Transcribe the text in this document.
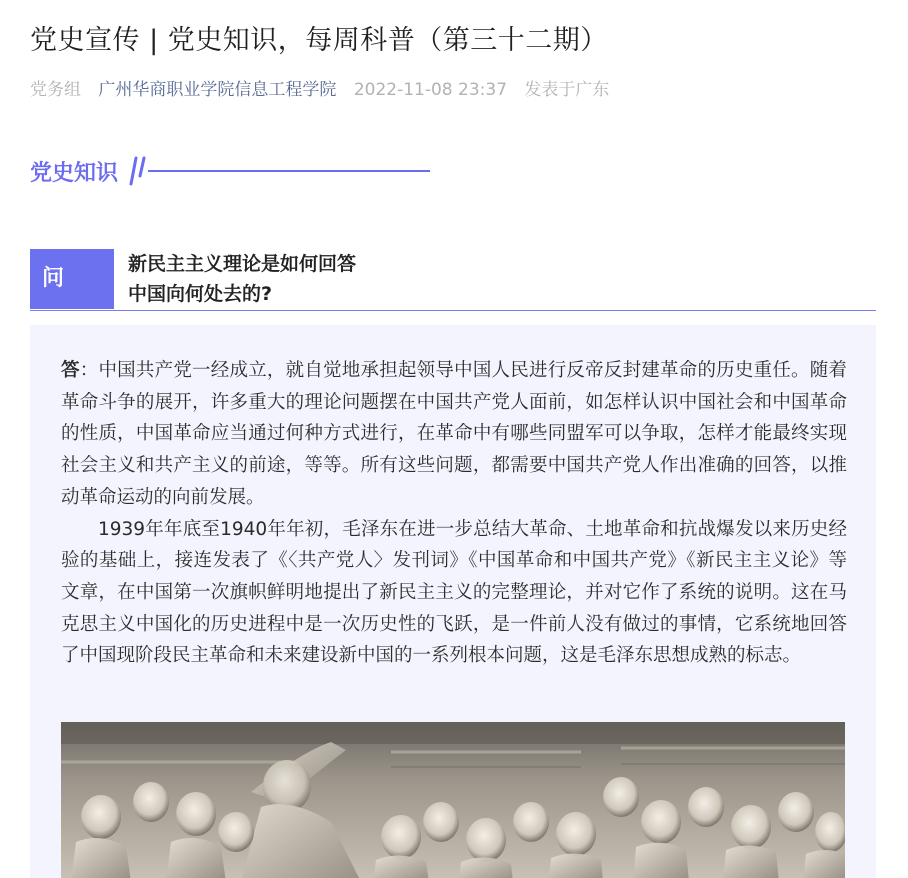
党史宣传 | 党史知识，每周科普（第三十二期）
党务组 广州华商职业学院信息工程学院 2022-11-08 23:37 发表于广东
党史知识
问
新民主主义理论是如何回答
中国向何处去的?

答：中国共产党一经成立，就自觉地承担起领导中国人民进行反帝反封建革命的历史重任。随着革命斗争的展开，许多重大的理论问题摆在中国共产党人面前，如怎样认识中国社会和中国革命的性质，中国革命应当通过何种方式进行，在革命中有哪些同盟军可以争取，怎样才能最终实现社会主义和共产主义的前途，等等。所有这些问题，都需要中国共产党人作出准确的回答，以推动革命运动的向前发展。

1939年年底至1940年年初，毛泽东在进一步总结大革命、土地革命和抗战爆发以来历史经验的基础上，接连发表了《〈共产党人〉发刊词》《中国革命和中国共产党》《新民主主义论》等文章，在中国第一次旗帜鲜明地提出了新民主主义的完整理论，并对它作了系统的说明。这在马克思主义中国化的历史进程中是一次历史性的飞跃，是一件前人没有做过的事情，它系统地回答了中国现阶段民主革命和未来建设新中国的一系列根本问题，这是毛泽东思想成熟的标志。
